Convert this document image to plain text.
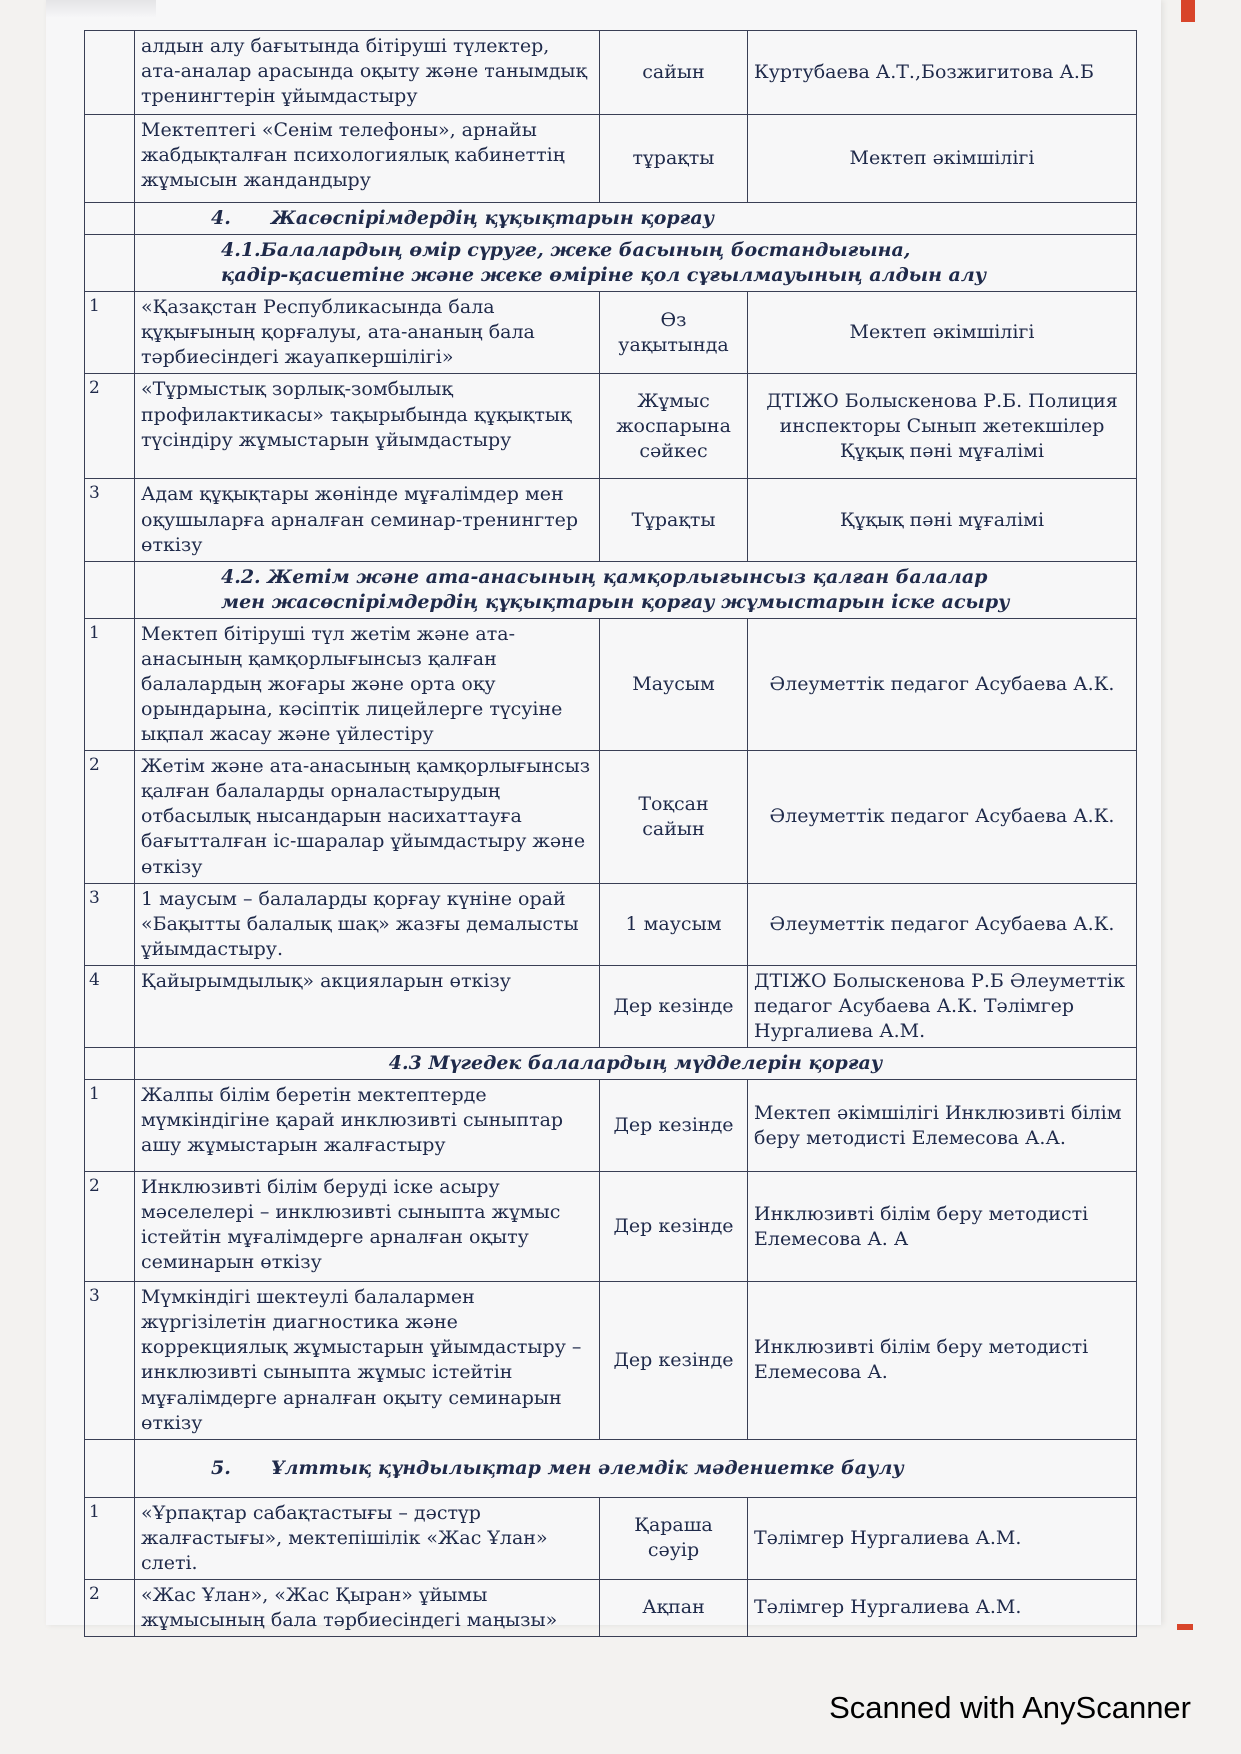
	алдын алу бағытында бітіруші түлектер, ата-аналар арасында оқыту және танымдық тренингтерін ұйымдастыру	сайын	Куртубаева А.Т.,Бозжигитова А.Б
	Мектептегі «Сенім телефоны», арнайы жабдықталған психологиялық кабинеттің жұмысын жандандыру	тұрақты	Мектеп әкімшілігі
	4. Жасөспірімдердің құқықтарын қорғау		

	4.1.Балалардың өмір сүруге, жеке басының бостандығына,
қадір-қасиетіне және жеке өміріне қол сұғылмауының алдын алу		

1	«Қазақстан Республикасында бала құқығының қорғалуы, ата-ананың бала тәрбиесіндегі жауапкершілігі»	Өз уақытында	Мектеп әкімшілігі
2	«Тұрмыстық зорлық-зомбылық профилактикасы» тақырыбында құқықтық түсіндіру жұмыстарын ұйымдастыру	Жұмыс жоспарына сәйкес	ДТІЖО Болыскенова Р.Б. Полиция инспекторы Сынып жетекшілер Құқық пәні мұғалімі
3	Адам құқықтары жөнінде мұғалімдер мен оқушыларға арналған семинар-тренингтер өткізу	Тұрақты	Құқық пәні мұғалімі

	4.2. Жетім және ата-анасының қамқорлығынсыз қалған балалар
мен жасөспірімдердің құқықтарын қорғау жұмыстарын іске асыру		

1	Мектеп бітіруші түл жетім және ата-анасының қамқорлығынсыз қалған балалардың жоғары және орта оқу орындарына, кәсіптік лицейлерге түсуіне ықпал жасау және үйлестіру	Маусым	Әлеуметтік педагог Асубаева А.К.
2	Жетім және ата-анасының қамқорлығынсыз қалған балаларды орналастырудың отбасылық нысандарын насихаттауға бағытталған іс-шаралар ұйымдастыру және өткізу	Тоқсан сайын	Әлеуметтік педагог Асубаева А.К.
3	1 маусым – балаларды қорғау күніне орай «Бақытты балалық шақ» жазғы демалысты ұйымдастыру.	1 маусым	Әлеуметтік педагог Асубаева А.К.
4	Қайырымдылық» акцияларын өткізу	Дер кезінде	ДТІЖО Болыскенова Р.Б Әлеуметтік педагог Асубаева А.К. Тәлімгер Нургалиева А.М.

	4.3 Мүгедек балалардың мүдделерін қорғау		

1	Жалпы білім беретін мектептерде мүмкіндігіне қарай инклюзивті сыныптар ашу жұмыстарын жалғастыру	Дер кезінде	Мектеп әкімшілігі Инклюзивті білім беру методисті Елемесова А.А.
2	Инклюзивті білім беруді іске асыру мәселелері – инклюзивті сыныпта жұмыс істейтін мұғалімдерге арналған оқыту семинарын өткізу	Дер кезінде	Инклюзивті білім беру методисті Елемесова А. А
3	Мүмкіндігі шектеулі балалармен жүргізілетін диагностика және коррекциялық жұмыстарын ұйымдастыру – инклюзивті сыныпта жұмыс істейтін мұғалімдерге арналған оқыту семинарын өткізу	Дер кезінде	Инклюзивті білім беру методисті Елемесова А.
	5. Ұлттық құндылықтар мен әлемдік мәдениетке баулу		
1	«Ұрпақтар сабақтастығы – дәстүр жалғастығы», мектепішілік «Жас Ұлан» слеті.	Қараша сәуір	Тәлімгер Нургалиева А.М.
2	«Жас Ұлан», «Жас Қыран» ұйымы жұмысының бала тәрбиесіндегі маңызы»	Ақпан	Тәлімгер Нургалиева А.М.
Scanned with AnyScanner
